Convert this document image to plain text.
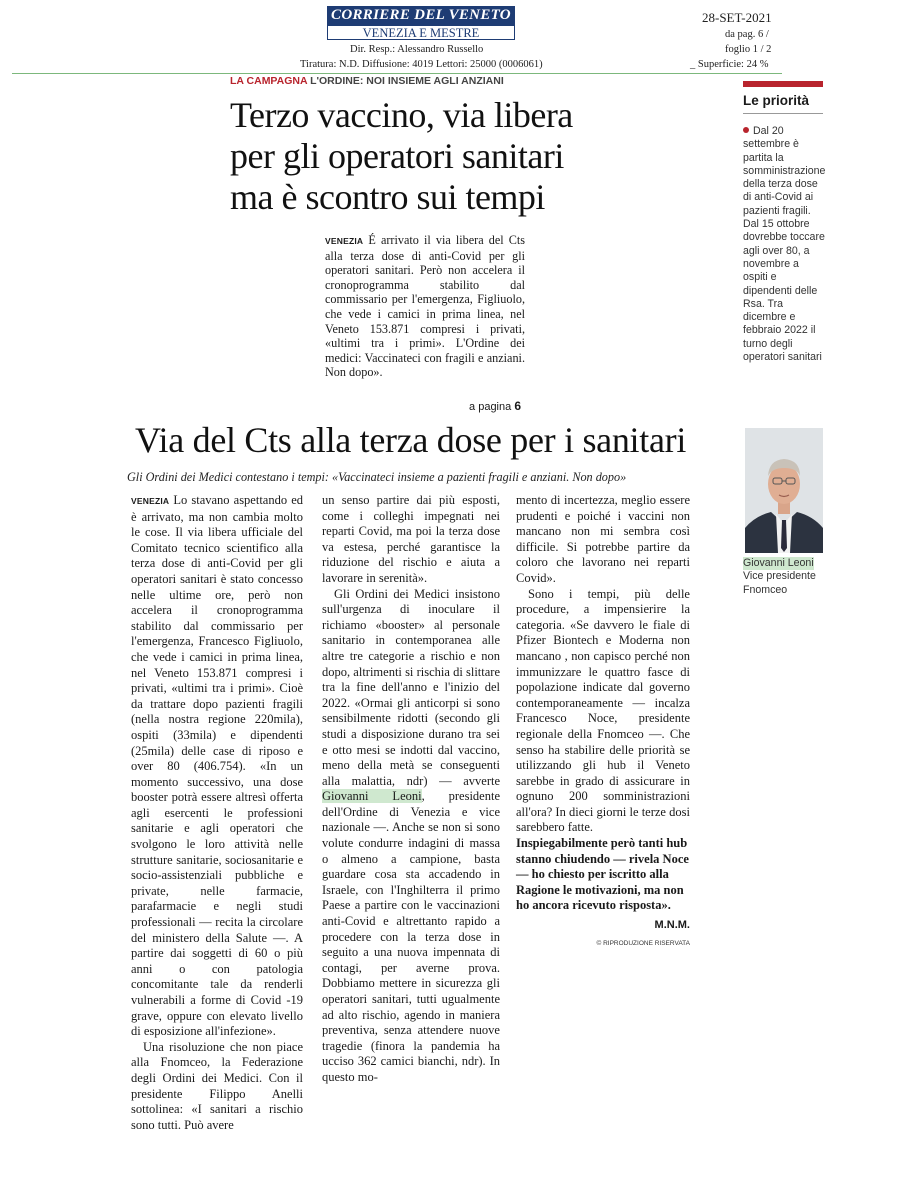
CORRIERE DEL VENETO
VENEZIA E MESTRE
Dir. Resp.: Alessandro Russello
Tiratura: N.D. Diffusione: 4019 Lettori: 25000 (0006061)
28-SET-2021
da pag. 6 /
foglio 1 / 2
_ Superficie: 24 %
LA CAMPAGNA L'ORDINE: NOI INSIEME AGLI ANZIANI
Terzo vaccino, via libera
per gli operatori sanitari
ma è scontro sui tempi
VENEZIA É arrivato il via libera del Cts alla terza dose di anti-Covid per gli operatori sanitari. Però non accelera il cronoprogramma stabilito dal commissario per l'emergenza, Figliuolo, che vede i camici in prima linea, nel Veneto 153.871 compresi i privati, «ultimi tra i primi». L'Ordine dei medici: Vaccinateci con fragili e anziani. Non dopo».
a pagina 6
Via del Cts alla terza dose per i sanitari
Gli Ordini dei Medici contestano i tempi: «Vaccinateci insieme a pazienti fragili e anziani. Non dopo»

VENEZIA Lo stavano aspettando ed è arrivato, ma non cambia molto le cose. Il via libera ufficiale del Comitato tecnico scientifico alla terza dose di anti-Covid per gli operatori sanitari è stato concesso nelle ultime ore, però non accelera il cronoprogramma stabilito dal commissario per l'emergenza, Francesco Figliuolo, che vede i camici in prima linea, nel Veneto 153.871 compresi i privati, «ultimi tra i primi». Cioè da trattare dopo pazienti fragili (nella nostra regione 220mila), ospiti (33mila) e dipendenti (25mila) delle case di riposo e over 80 (406.754). «In un momento successivo, una dose booster potrà essere altresì offerta agli esercenti le professioni sanitarie e agli operatori che svolgono le loro attività nelle strutture sanitarie, sociosanitarie e socio-assistenziali pubbliche e private, nelle farmacie, parafarmacie e negli studi professionali — recita la circolare del ministero della Salute —. A partire dai soggetti di 60 o più anni o con patologia concomitante tale da renderli vulnerabili a forme di Covid -19 grave, oppure con elevato livello di esposizione all'infezione».

Una risoluzione che non piace alla Fnomceo, la Federazione degli Ordini dei Medici. Con il presidente Filippo Anelli sottolinea: «I sanitari a rischio sono tutti. Può avere

un senso partire dai più esposti, come i colleghi impegnati nei reparti Covid, ma poi la terza dose va estesa, perché garantisce la riduzione del rischio e aiuta a lavorare in serenità».

Gli Ordini dei Medici insistono sull'urgenza di inoculare il richiamo «booster» al personale sanitario in contemporanea alle altre tre categorie a rischio e non dopo, altrimenti si rischia di slittare tra la fine dell'anno e l'inizio del 2022. «Ormai gli anticorpi si sono sensibilmente ridotti (secondo gli studi a disposizione durano tra sei e otto mesi se indotti dal vaccino, meno della metà se conseguenti alla malattia, ndr) — avverte Giovanni Leoni, presidente dell'Ordine di Venezia e vice nazionale —. Anche se non si sono volute condurre indagini di massa o almeno a campione, basta guardare cosa sta accadendo in Israele, con l'Inghilterra il primo Paese a partire con le vaccinazioni anti-Covid e altrettanto rapido a procedere con la terza dose in seguito a una nuova impennata di contagi, per averne prova. Dobbiamo mettere in sicurezza gli operatori sanitari, tutti ugualmente ad alto rischio, agendo in maniera preventiva, senza attendere nuove tragedie (finora la pandemia ha ucciso 362 camici bianchi, ndr). In questo mo-

mento di incertezza, meglio essere prudenti e poiché i vaccini non mancano non mi sembra così difficile. Si potrebbe partire da coloro che lavorano nei reparti Covid».

Sono i tempi, più delle procedure, a impensierire la categoria. «Se davvero le fiale di Pfizer Biontech e Moderna non mancano , non capisco perché non immunizzare le quattro fasce di popolazione indicate dal governo contemporaneamente — incalza Francesco Noce, presidente regionale della Fnomceo —. Che senso ha stabilire delle priorità se utilizzando gli hub il Veneto sarebbe in grado di assicurare in ognuno 200 somministrazioni all'ora? In dieci giorni le terze dosi sarebbero fatte.

Inspiegabilmente però tanti hub stanno chiudendo — rivela Noce — ho chiesto per iscritto alla Ragione le motivazioni, ma non ho ancora ricevuto risposta».

M.N.M.
© RIPRODUZIONE RISERVATA
Le priorità
Dal 20 settembre è partita la somministrazione della terza dose di anti-Covid ai pazienti fragili. Dal 15 ottobre dovrebbe toccare agli over 80, a novembre a ospiti e dipendenti delle Rsa. Tra dicembre e febbraio 2022 il turno degli operatori sanitari
Giovanni Leoni
Vice presidente Fnomceo
